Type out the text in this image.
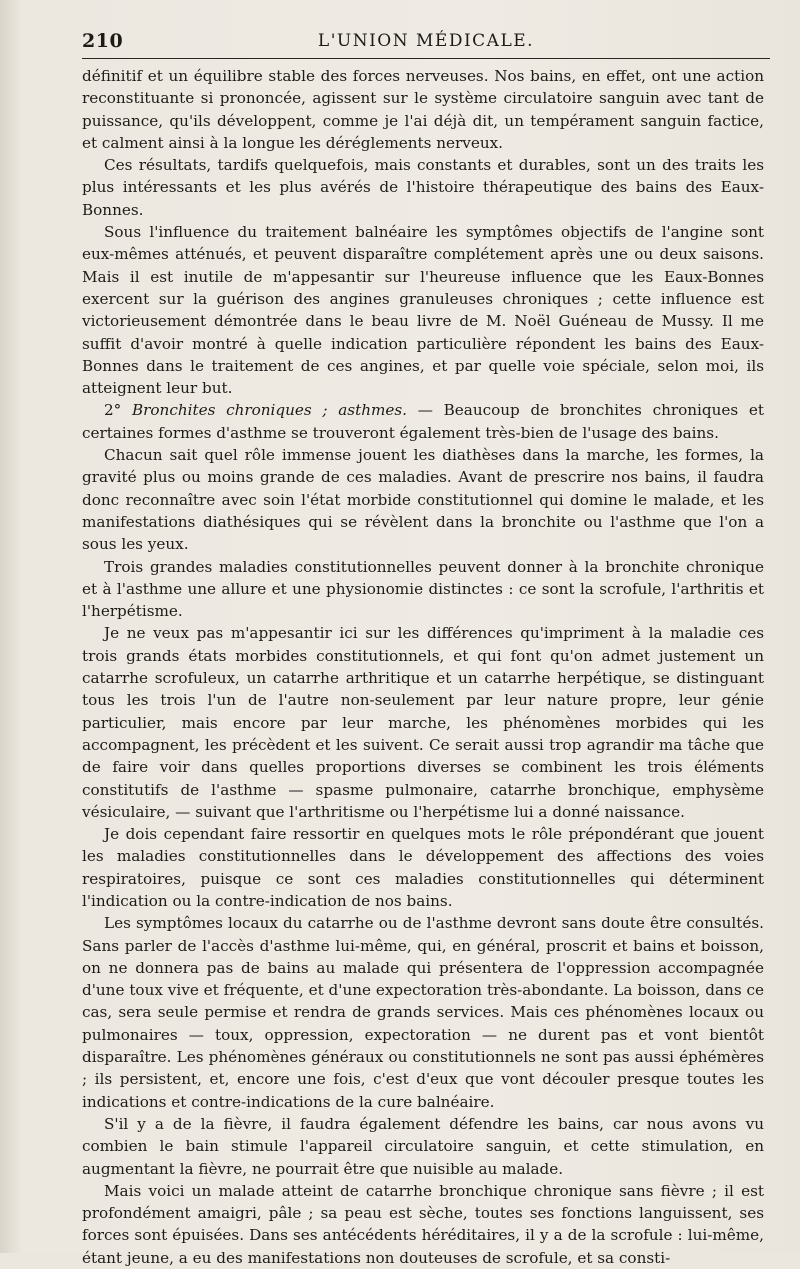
210	L'UNION MÉDICALE.

définitif et un équilibre stable des forces nerveuses. Nos bains, en effet, ont une action reconstituante si prononcée, agissent sur le système circulatoire sanguin avec tant de puissance, qu'ils développent, comme je l'ai déjà dit, un tempérament sanguin factice, et calment ainsi à la longue les déréglements nerveux.

Ces résultats, tardifs quelquefois, mais constants et durables, sont un des traits les plus intéressants et les plus avérés de l'histoire thérapeutique des bains des Eaux-Bonnes.

Sous l'influence du traitement balnéaire les symptômes objectifs de l'angine sont eux-mêmes atténués, et peuvent disparaître complétement après une ou deux saisons. Mais il est inutile de m'appesantir sur l'heureuse influence que les Eaux-Bonnes exercent sur la guérison des angines granuleuses chroniques ; cette influence est victorieusement démontrée dans le beau livre de M. Noël Guéneau de Mussy. Il me suffit d'avoir montré à quelle indication particulière répondent les bains des Eaux-Bonnes dans le traitement de ces angines, et par quelle voie spéciale, selon moi, ils atteignent leur but.

2° Bronchites chroniques ; asthmes. — Beaucoup de bronchites chroniques et certaines formes d'asthme se trouveront également très-bien de l'usage des bains.

Chacun sait quel rôle immense jouent les diathèses dans la marche, les formes, la gravité plus ou moins grande de ces maladies. Avant de prescrire nos bains, il faudra donc reconnaître avec soin l'état morbide constitutionnel qui domine le malade, et les manifestations diathésiques qui se révèlent dans la bronchite ou l'asthme que l'on a sous les yeux.

Trois grandes maladies constitutionnelles peuvent donner à la bronchite chronique et à l'asthme une allure et une physionomie distinctes : ce sont la scrofule, l'arthritis et l'herpétisme.

Je ne veux pas m'appesantir ici sur les différences qu'impriment à la maladie ces trois grands états morbides constitutionnels, et qui font qu'on admet justement un catarrhe scrofuleux, un catarrhe arthritique et un catarrhe herpétique, se distinguant tous les trois l'un de l'autre non-seulement par leur nature propre, leur génie particulier, mais encore par leur marche, les phénomènes morbides qui les accompagnent, les précèdent et les suivent. Ce serait aussi trop agrandir ma tâche que de faire voir dans quelles proportions diverses se combinent les trois éléments constitutifs de l'asthme — spasme pulmonaire, catarrhe bronchique, emphysème vésiculaire, — suivant que l'arthritisme ou l'herpétisme lui a donné naissance.

Je dois cependant faire ressortir en quelques mots le rôle prépondérant que jouent les maladies constitutionnelles dans le développement des affections des voies respiratoires, puisque ce sont ces maladies constitutionnelles qui déterminent l'indication ou la contre-indication de nos bains.

Les symptômes locaux du catarrhe ou de l'asthme devront sans doute être consultés. Sans parler de l'accès d'asthme lui-même, qui, en général, proscrit et bains et boisson, on ne donnera pas de bains au malade qui présentera de l'oppression accompagnée d'une toux vive et fréquente, et d'une expectoration très-abondante. La boisson, dans ce cas, sera seule permise et rendra de grands services. Mais ces phénomènes locaux ou pulmonaires — toux, oppression, expectoration — ne durent pas et vont bientôt disparaître. Les phénomènes généraux ou constitutionnels ne sont pas aussi éphémères ; ils persistent, et, encore une fois, c'est d'eux que vont découler presque toutes les indications et contre-indications de la cure balnéaire.

S'il y a de la fièvre, il faudra également défendre les bains, car nous avons vu combien le bain stimule l'appareil circulatoire sanguin, et cette stimulation, en augmentant la fièvre, ne pourrait être que nuisible au malade.

Mais voici un malade atteint de catarrhe bronchique chronique sans fièvre ; il est profondément amaigri, pâle ; sa peau est sèche, toutes ses fonctions languissent, ses forces sont épuisées. Dans ses antécédents héréditaires, il y a de la scrofule : lui-même, étant jeune, a eu des manifestations non douteuses de scrofule, et sa consti-
